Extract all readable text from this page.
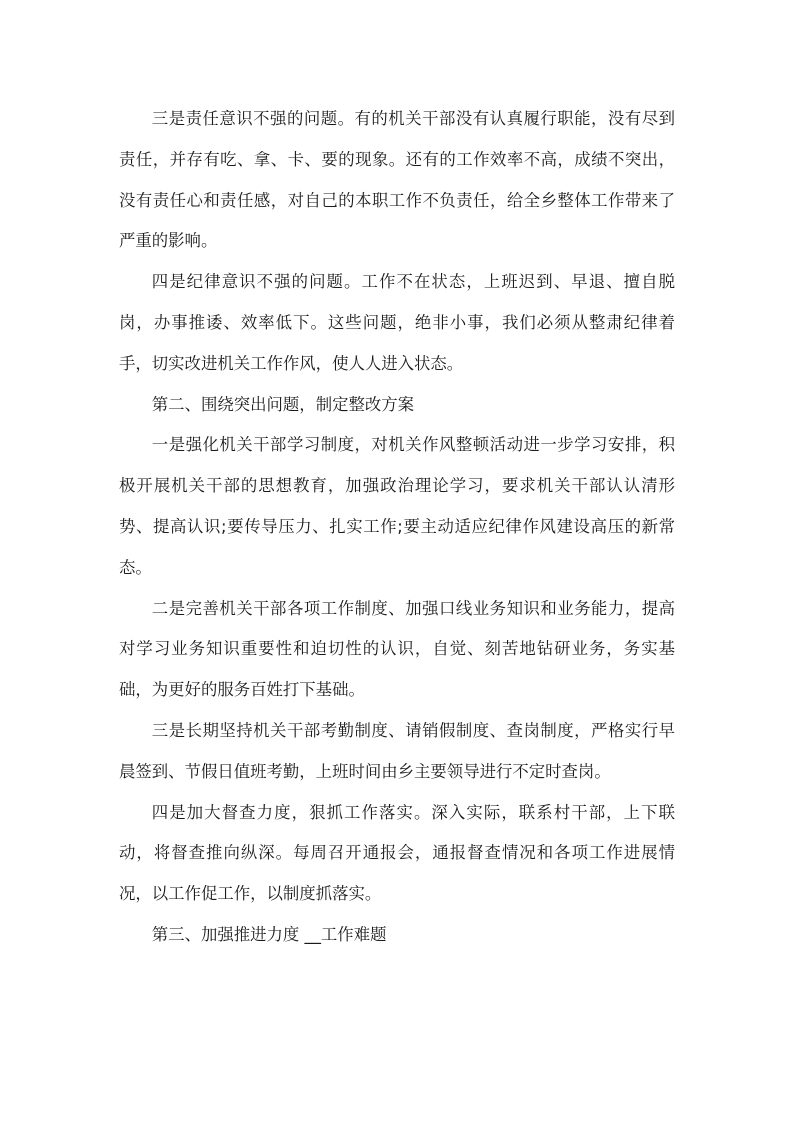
三是责任意识不强的问题。有的机关干部没有认真履行职能，没有尽到责任，并存有吃、拿、卡、要的现象。还有的工作效率不高，成绩不突出，没有责任心和责任感，对自己的本职工作不负责任，给全乡整体工作带来了严重的影响。

四是纪律意识不强的问题。工作不在状态，上班迟到、早退、擅自脱岗，办事推诿、效率低下。这些问题，绝非小事，我们必须从整肃纪律着手，切实改进机关工作作风，使人人进入状态。

第二、围绕突出问题，制定整改方案

一是强化机关干部学习制度，对机关作风整顿活动进一步学习安排，积极开展机关干部的思想教育，加强政治理论学习，要求机关干部认认清形势、提高认识;要传导压力、扎实工作;要主动适应纪律作风建设高压的新常态。

二是完善机关干部各项工作制度、加强口线业务知识和业务能力，提高对学习业务知识重要性和迫切性的认识，自觉、刻苦地钻研业务，务实基础，为更好的服务百姓打下基础。

三是长期坚持机关干部考勤制度、请销假制度、查岗制度，严格实行早晨签到、节假日值班考勤，上班时间由乡主要领导进行不定时查岗。

四是加大督查力度，狠抓工作落实。深入实际，联系村干部，上下联动，将督查推向纵深。每周召开通报会，通报督查情况和各项工作进展情况，以工作促工作，以制度抓落实。

第三、加强推进力度 __工作难题
